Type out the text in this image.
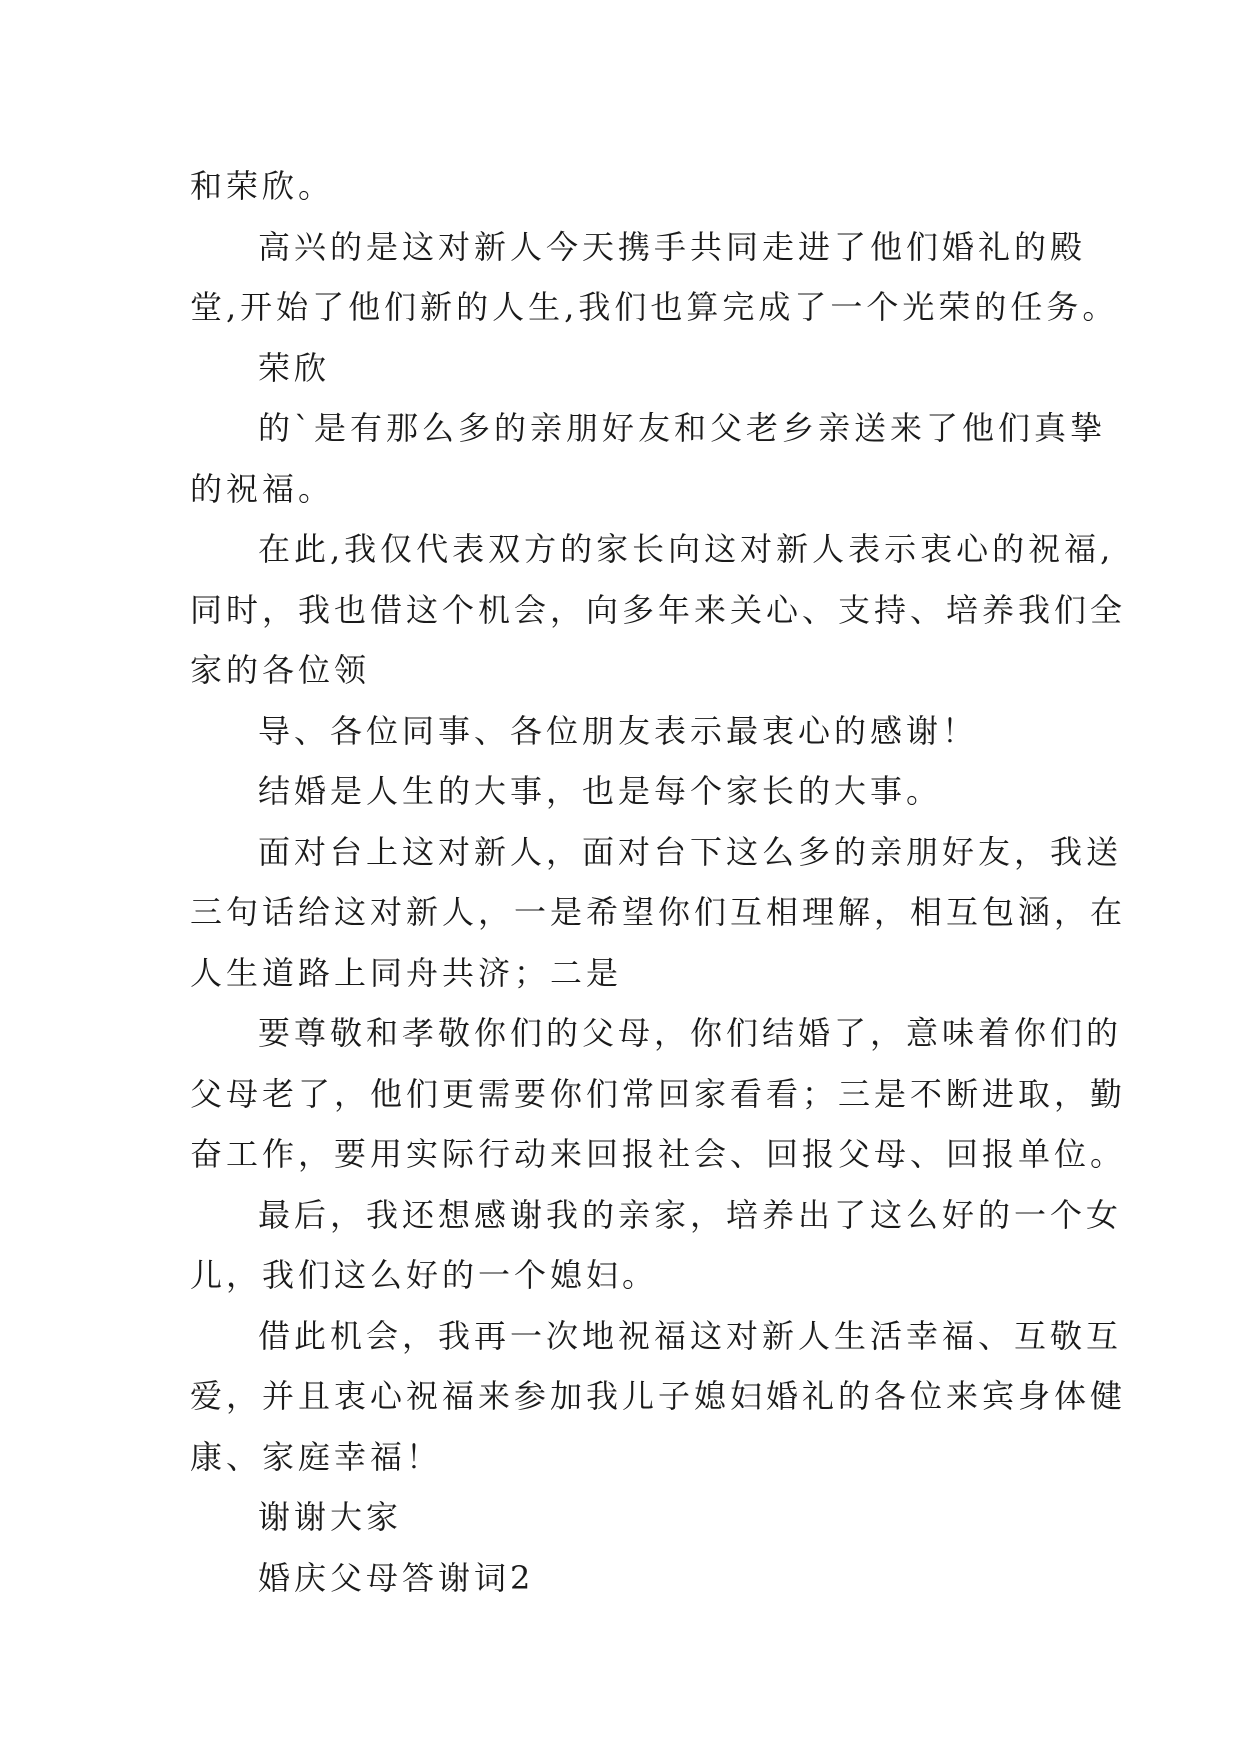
和荣欣。
高兴的是这对新人今天携手共同走进了他们婚礼的殿
堂,开始了他们新的人生,我们也算完成了一个光荣的任务。
荣欣
的`是有那么多的亲朋好友和父老乡亲送来了他们真挚
的祝福。
在此,我仅代表双方的家长向这对新人表示衷心的祝福,
同时，我也借这个机会，向多年来关心、支持、培养我们全
家的各位领
导、各位同事、各位朋友表示最衷心的感谢！
结婚是人生的大事，也是每个家长的大事。
面对台上这对新人，面对台下这么多的亲朋好友，我送
三句话给这对新人，一是希望你们互相理解，相互包涵，在
人生道路上同舟共济；二是
要尊敬和孝敬你们的父母，你们结婚了，意味着你们的
父母老了，他们更需要你们常回家看看；三是不断进取，勤
奋工作，要用实际行动来回报社会、回报父母、回报单位。
最后，我还想感谢我的亲家，培养出了这么好的一个女
儿，我们这么好的一个媳妇。
借此机会，我再一次地祝福这对新人生活幸福、互敬互
爱，并且衷心祝福来参加我儿子媳妇婚礼的各位来宾身体健
康、家庭幸福！
谢谢大家
婚庆父母答谢词2
